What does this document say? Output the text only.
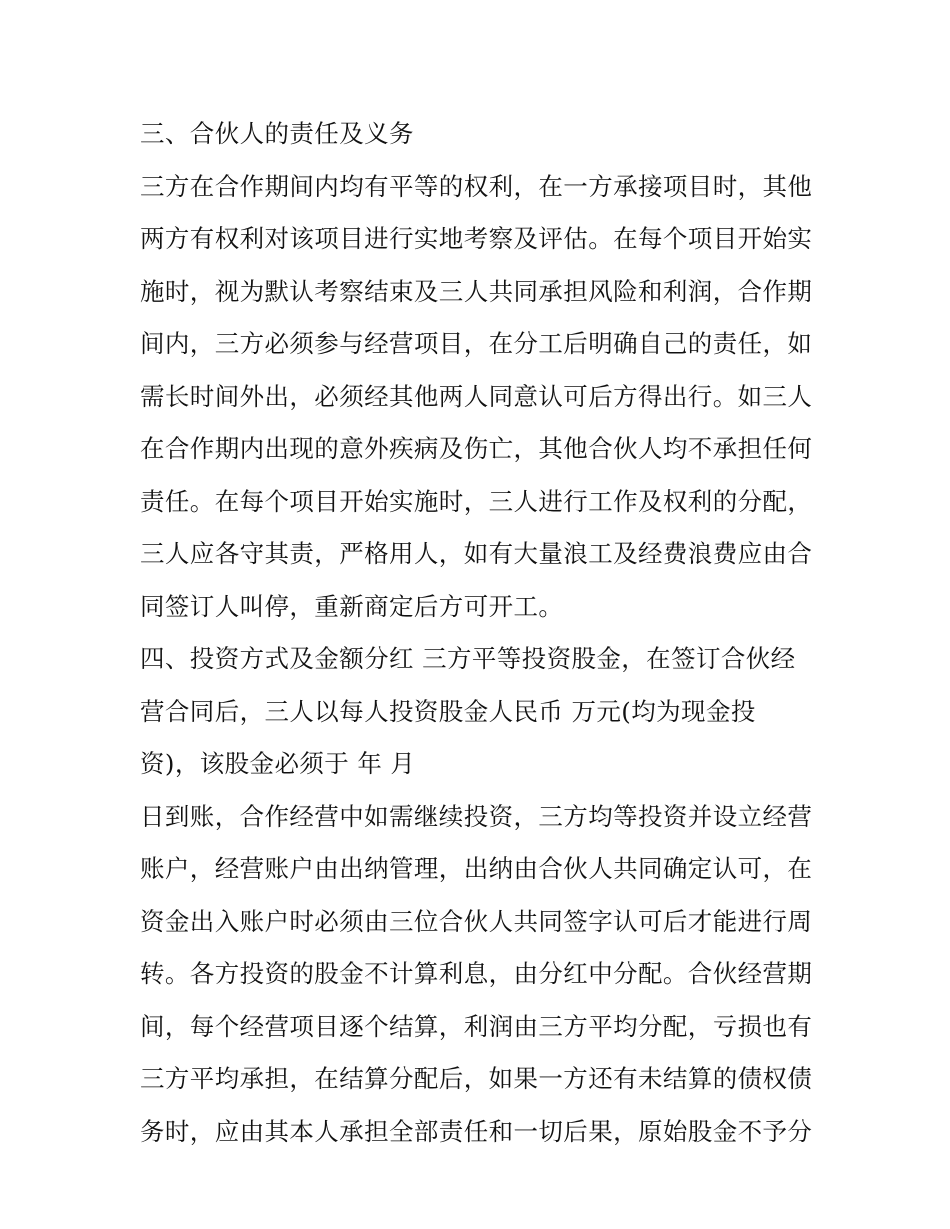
三、合伙人的责任及义务
三方在合作期间内均有平等的权利，在一方承接项目时，其他
两方有权利对该项目进行实地考察及评估。在每个项目开始实
施时，视为默认考察结束及三人共同承担风险和利润，合作期
间内，三方必须参与经营项目，在分工后明确自己的责任，如
需长时间外出，必须经其他两人同意认可后方得出行。如三人
在合作期内出现的意外疾病及伤亡，其他合伙人均不承担任何
责任。在每个项目开始实施时，三人进行工作及权利的分配，
三人应各守其责，严格用人，如有大量浪工及经费浪费应由合
同签订人叫停，重新商定后方可开工。
四、投资方式及金额分红 三方平等投资股金，在签订合伙经
营合同后，三人以每人投资股金人民币 万元(均为现金投
资)，该股金必须于 年 月
日到账，合作经营中如需继续投资，三方均等投资并设立经营
账户，经营账户由出纳管理，出纳由合伙人共同确定认可，在
资金出入账户时必须由三位合伙人共同签字认可后才能进行周
转。各方投资的股金不计算利息，由分红中分配。合伙经营期
间，每个经营项目逐个结算，利润由三方平均分配，亏损也有
三方平均承担，在结算分配后，如果一方还有未结算的债权债
务时，应由其本人承担全部责任和一切后果，原始股金不予分
